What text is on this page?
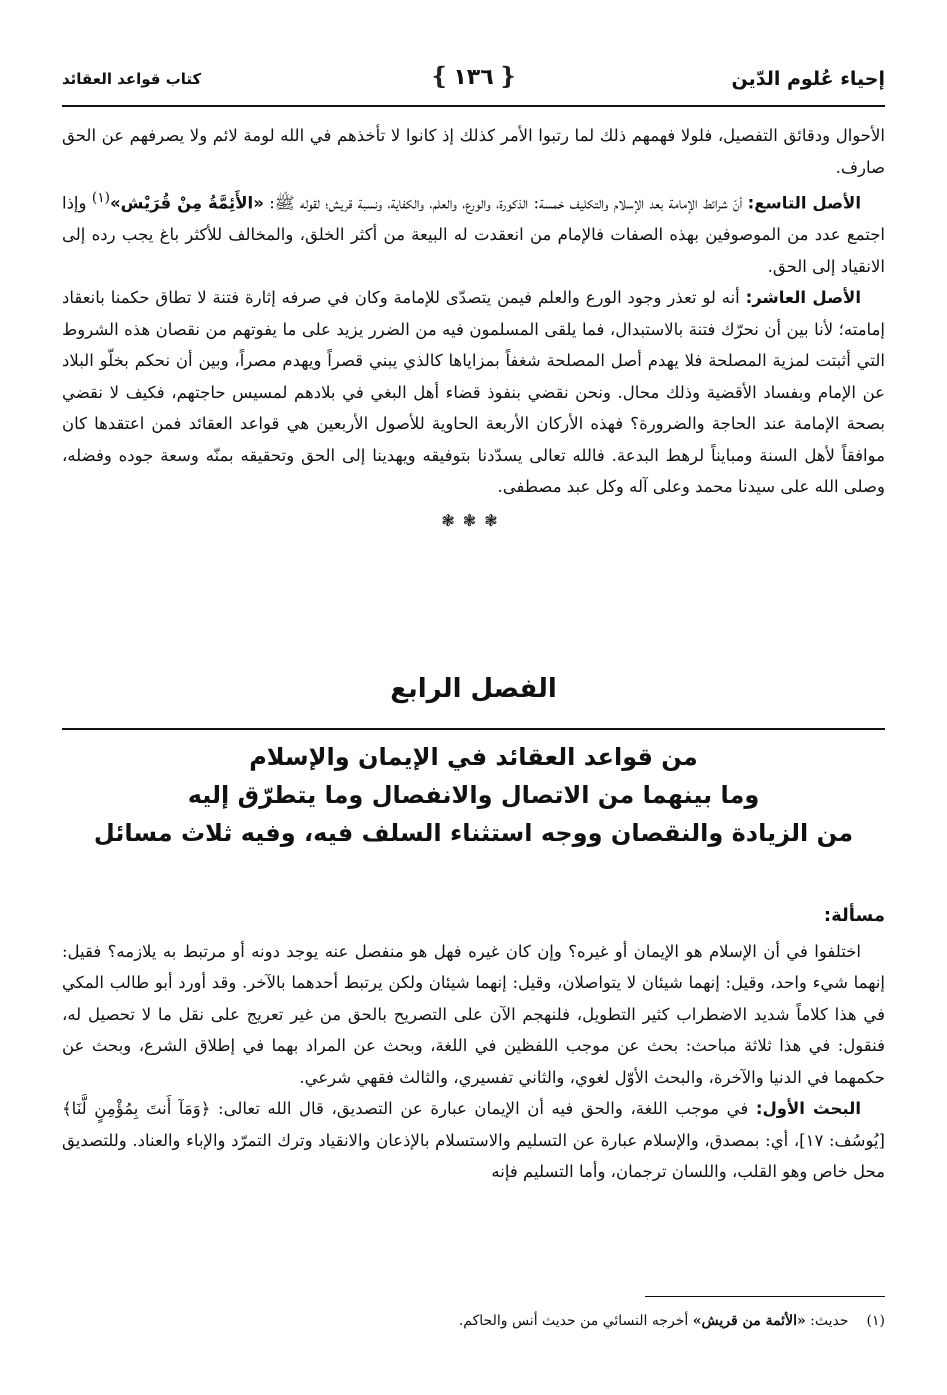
إحياء عُلوم الدّين
❴١٣٦❵
كتاب قواعد العقائد

الأحوال ودقائق التفصيل، فلولا فهمهم ذلك لما رتبوا الأمر كذلك إذ كانوا لا تأخذهم في الله لومة لائم ولا يصرفهم عن الحق صارف.

الأصل التاسع: أنّ شرائط الإمامة بعد الإسلام والتكليف خمسة: الذكورة، والورع، والعلم، والكفاية، ونسبة قريش؛ لقوله ﷺ: «الأَئِمَّةُ مِنْ قُرَيْش»$^{(١)}$ وإذا اجتمع عدد من الموصوفين بهذه الصفات فالإمام من انعقدت له البيعة من أكثر الخلق، والمخالف للأكثر باغ يجب رده إلى الانقياد إلى الحق.

الأصل العاشر: أنه لو تعذر وجود الورع والعلم فيمن يتصدّى للإمامة وكان في صرفه إثارة فتنة لا تطاق حكمنا بانعقاد إمامته؛ لأنا بين أن نحرّك فتنة بالاستبدال، فما يلقى المسلمون فيه من الضرر يزيد على ما يفوتهم من نقصان هذه الشروط التي أثبتت لمزية المصلحة فلا يهدم أصل المصلحة شغفاً بمزاياها كالذي يبني قصراً ويهدم مصراً، وبين أن نحكم بخلّو البلاد عن الإمام وبفساد الأقضية وذلك محال. ونحن نقضي بنفوذ قضاء أهل البغي في بلادهم لمسيس حاجتهم، فكيف لا نقضي بصحة الإمامة عند الحاجة والضرورة؟ فهذه الأركان الأربعة الحاوية للأصول الأربعين هي قواعد العقائد فمن اعتقدها كان موافقاً لأهل السنة ومبايناً لرهط البدعة. فالله تعالى يسدّدنا بتوفيقه ويهدينا إلى الحق وتحقيقه بمنّه وسعة جوده وفضله، وصلى الله على سيدنا محمد وعلى آله وكل عبد مصطفى.

❃❃❃
الفصل الرابع
من قواعد العقائد في الإيمان والإسلام
وما بينهما من الاتصال والانفصال وما يتطرّق إليه
من الزيادة والنقصان ووجه استثناء السلف فيه، وفيه ثلاث مسائل

مسألة:

اختلفوا في أن الإسلام هو الإيمان أو غيره؟ وإن كان غيره فهل هو منفصل عنه يوجد دونه أو مرتبط به يلازمه؟ فقيل: إنهما شيء واحد، وقيل: إنهما شيئان لا يتواصلان، وقيل: إنهما شيئان ولكن يرتبط أحدهما بالآخر. وقد أورد أبو طالب المكي في هذا كلاماً شديد الاضطراب كثير التطويل، فلنهجم الآن على التصريح بالحق من غير تعريج على نقل ما لا تحصيل له، فنقول: في هذا ثلاثة مباحث: بحث عن موجب اللفظين في اللغة، وبحث عن المراد بهما في إطلاق الشرع، وبحث عن حكمهما في الدنيا والآخرة، والبحث الأوّل لغوي، والثاني تفسيري، والثالث فقهي شرعي.

البحث الأول: في موجب اللغة، والحق فيه أن الإيمان عبارة عن التصديق، قال الله تعالى: ﴿وَمَآ أَنتَ بِمُؤْمِنٍ لَّنَا﴾ [يُوسُف: ١٧]، أي: بمصدق، والإسلام عبارة عن التسليم والاستسلام بالإذعان والانقياد وترك التمرّد والإباء والعناد. وللتصديق محل خاص وهو القلب، واللسان ترجمان، وأما التسليم فإنه

(١)حديث: «الأئمة من قريش» أخرجه النسائي من حديث أنس والحاكم.
